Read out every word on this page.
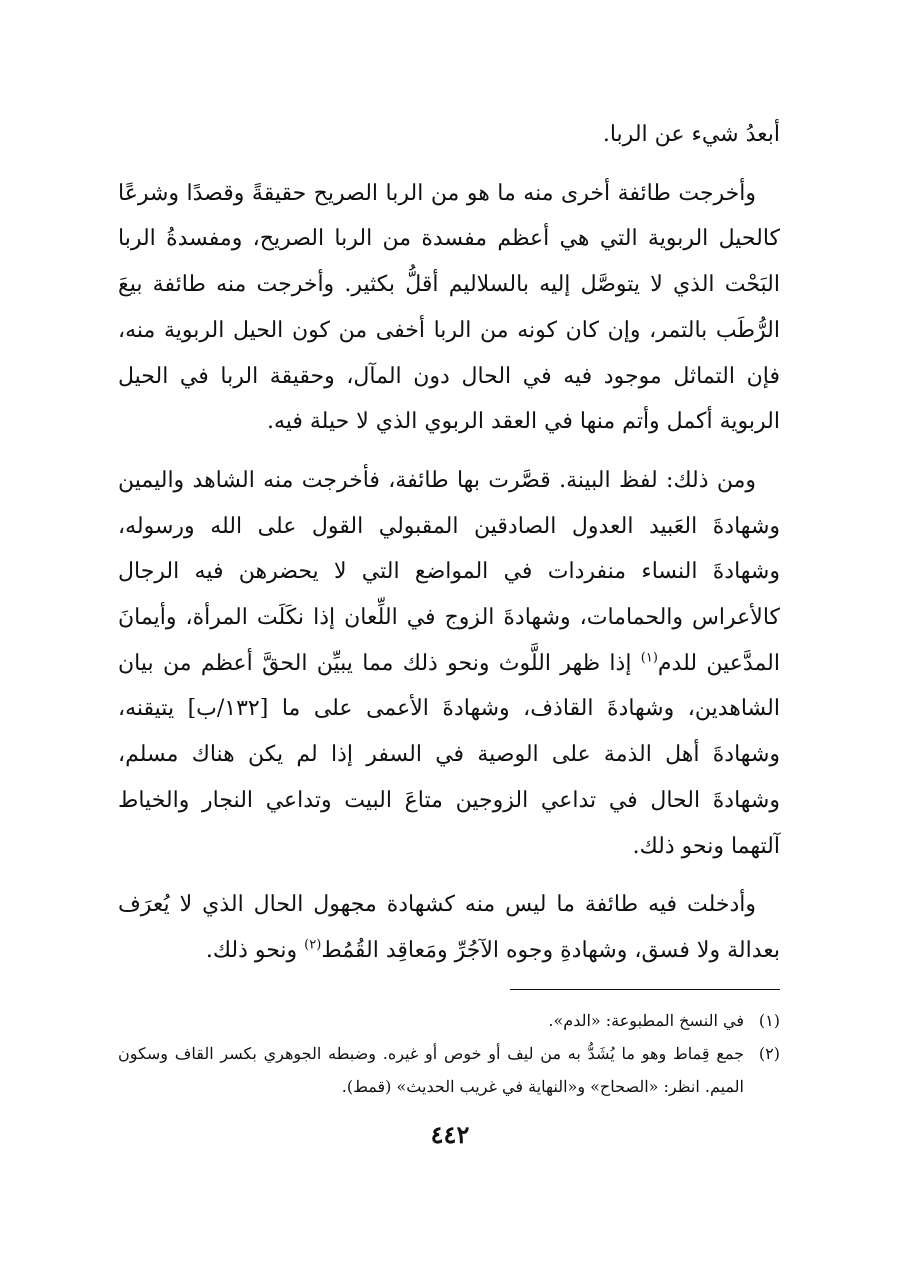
أبعدُ شيء عن الربا.

وأخرجت طائفة أخرى منه ما هو من الربا الصريح حقيقةً وقصدًا وشرعًا كالحيل الربوية التي هي أعظم مفسدة من الربا الصريح، ومفسدةُ الربا البَحْت الذي لا يتوصَّل إليه بالسلاليم أقلُّ بكثير. وأخرجت منه طائفة بيعَ الرُّطَب بالتمر، وإن كان كونه من الربا أخفى من كون الحيل الربوية منه، فإن التماثل موجود فيه في الحال دون المآل، وحقيقة الربا في الحيل الربوية أكمل وأتم منها في العقد الربوي الذي لا حيلة فيه.

ومن ذلك: لفظ البينة. قصَّرت بها طائفة، فأخرجت منه الشاهد واليمين وشهادةَ العَبيد العدول الصادقين المقبولي القول على الله ورسوله، وشهادةَ النساء منفردات في المواضع التي لا يحضرهن فيه الرجال كالأعراس والحمامات، وشهادةَ الزوج في اللِّعان إذا نكَلَت المرأة، وأيمانَ المدَّعين للدم$^{(١)}$ إذا ظهر اللَّوث ونحو ذلك مما يبيِّن الحقَّ أعظم من بيان الشاهدين، وشهادةَ القاذف، وشهادةَ الأعمى على ما [١٣٢/ب] يتيقنه، وشهادةَ أهل الذمة على الوصية في السفر إذا لم يكن هناك مسلم، وشهادةَ الحال في تداعي الزوجين متاعَ البيت وتداعي النجار والخياط آلتهما ونحو ذلك.

وأدخلت فيه طائفة ما ليس منه كشهادة مجهول الحال الذي لا يُعرَف بعدالة ولا فسق، وشهادةِ وجوه الآجُرِّ ومَعاقِد القُمُط$^{(٢)}$ ونحو ذلك.

(١)
في النسخ المطبوعة: «الدم».
(٢)
جمع قِماط وهو ما يُشَدُّ به من ليف أو خوص أو غيره. وضبطه الجوهري بكسر القاف وسكون الميم. انظر: «الصحاح» و«النهاية في غريب الحديث» (قمط).
٤٤٢
